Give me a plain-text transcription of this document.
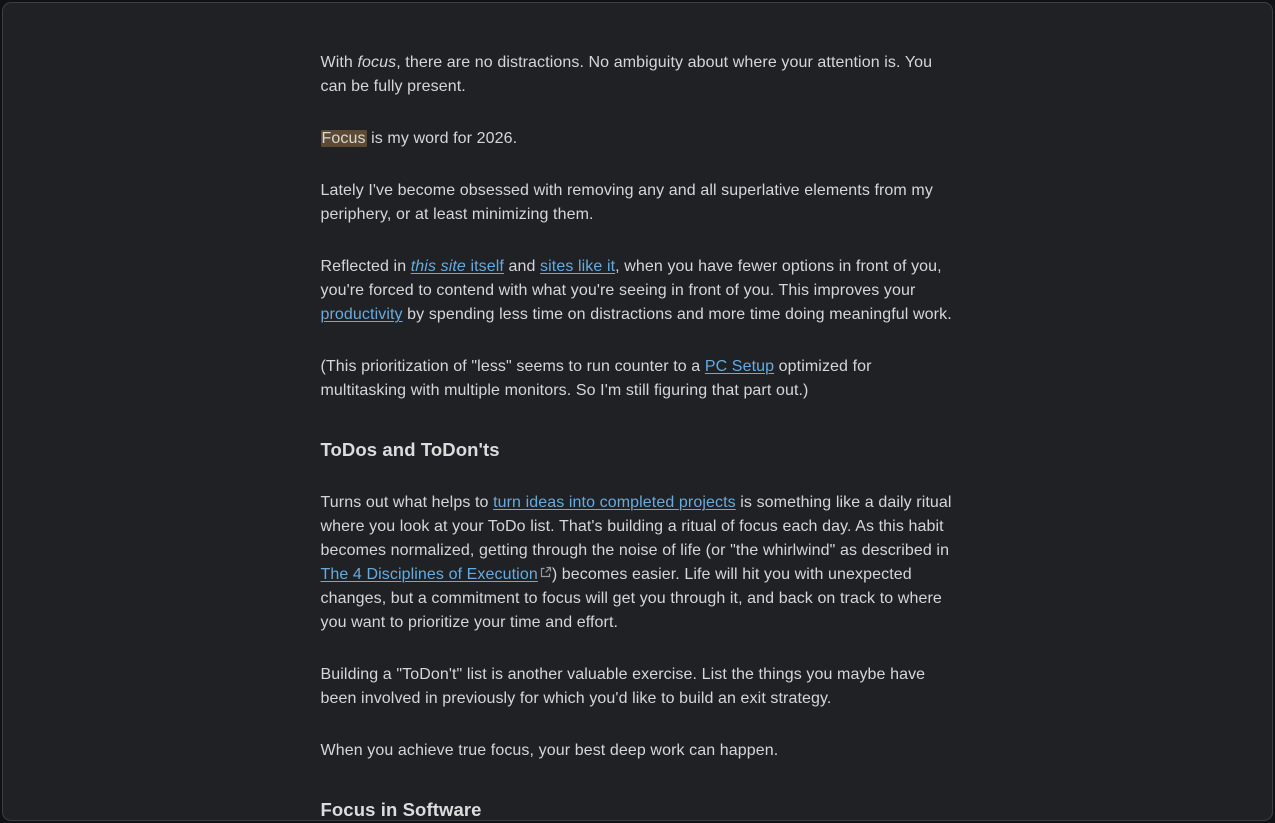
With focus, there are no distractions. No ambiguity about where your attention is. You can be fully present.

Focus is my word for 2026.

Lately I've become obsessed with removing any and all superlative elements from my periphery, or at least minimizing them.

Reflected in this site itself and sites like it, when you have fewer options in front of you, you're forced to contend with what you're seeing in front of you. This improves your productivity by spending less time on distractions and more time doing meaningful work.

(This prioritization of "less" seems to run counter to a PC Setup optimized for multitasking with multiple monitors. So I'm still figuring that part out.)

ToDos and ToDon'ts

Turns out what helps to turn ideas into completed projects is something like a daily ritual where you look at your ToDo list. That's building a ritual of focus each day. As this habit becomes normalized, getting through the noise of life (or "the whirlwind" as described in The 4 Disciplines of Execution ) becomes easier. Life will hit you with unexpected changes, but a commitment to focus will get you through it, and back on track to where you want to prioritize your time and effort.

Building a "ToDon't" list is another valuable exercise. List the things you maybe have been involved in previously for which you'd like to build an exit strategy.

When you achieve true focus, your best deep work can happen.

Focus in Software
